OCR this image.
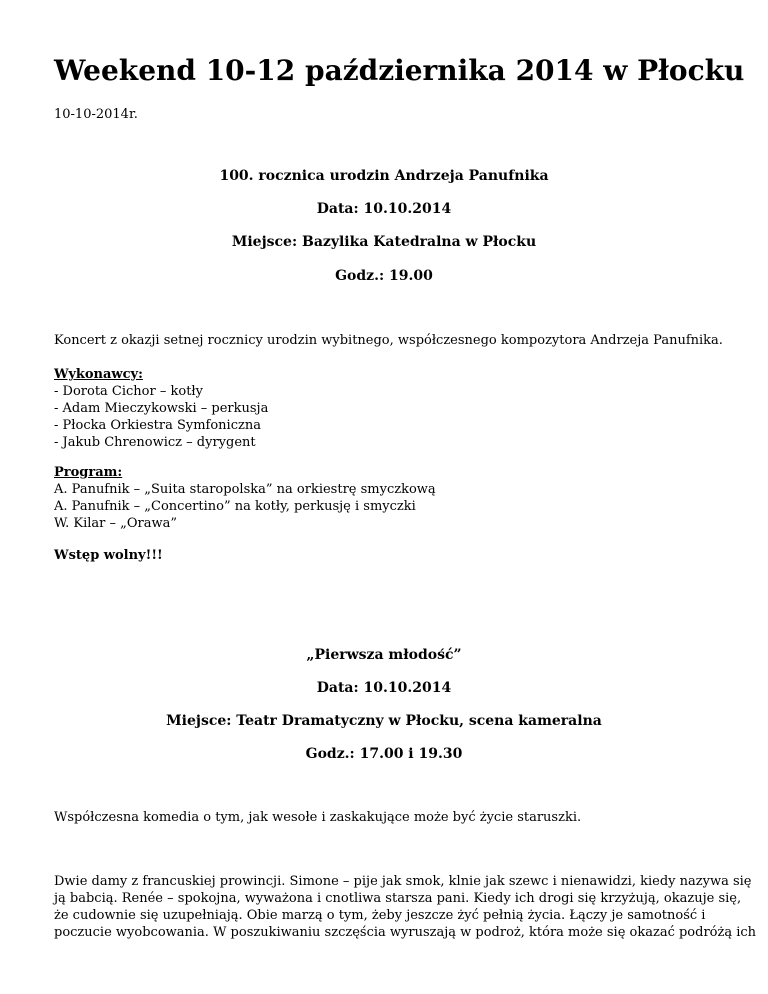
Weekend 10-12 października 2014 w Płocku
10-10-2014r.
100. rocznica urodzin Andrzeja Panufnika
Data: 10.10.2014
Miejsce: Bazylika Katedralna w Płocku
Godz.: 19.00
Koncert z okazji setnej rocznicy urodzin wybitnego, współczesnego kompozytora Andrzeja Panufnika.
Wykonawcy:
- Dorota Cichor – kotły
- Adam Mieczykowski – perkusja
- Płocka Orkiestra Symfoniczna
- Jakub Chrenowicz – dyrygent
Program:
A. Panufnik – „Suita staropolska” na orkiestrę smyczkową
A. Panufnik – „Concertino” na kotły, perkusję i smyczki
W. Kilar – „Orawa”
Wstęp wolny!!!
„Pierwsza młodość”
Data: 10.10.2014
Miejsce: Teatr Dramatyczny w Płocku, scena kameralna
Godz.: 17.00 i 19.30
Współczesna komedia o tym, jak wesołe i zaskakujące może być życie staruszki.
Dwie damy z francuskiej prowincji. Simone – pije jak smok, klnie jak szewc i nienawidzi, kiedy nazywa się
ją babcią. Renée – spokojna, wyważona i cnotliwa starsza pani. Kiedy ich drogi się krzyżują, okazuje się,
że cudownie się uzupełniają. Obie marzą o tym, żeby jeszcze żyć pełnią życia. Łączy je samotność i
poczucie wyobcowania. W poszukiwaniu szczęścia wyruszają w podroż, która może się okazać podróżą ich
